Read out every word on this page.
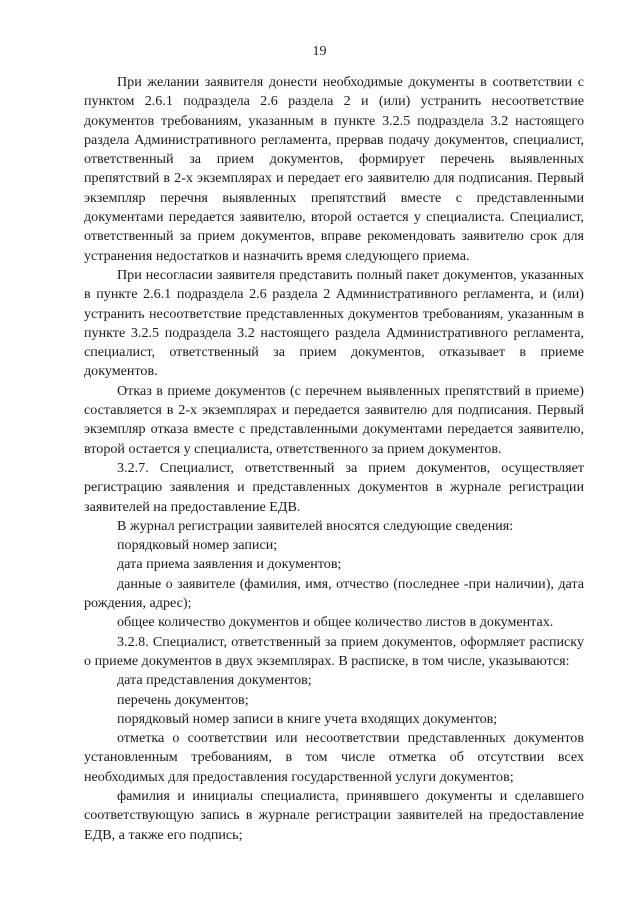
19

При желании заявителя донести необходимые документы в соответствии с пунктом 2.6.1 подраздела 2.6 раздела 2 и (или) устранить несоответствие документов требованиям, указанным в пункте 3.2.5 подраздела 3.2 настоящего раздела Административного регламента, прервав подачу документов, специалист, ответственный за прием документов, формирует перечень выявленных препятствий в 2-х экземплярах и передает его заявителю для подписания. Первый экземпляр перечня выявленных препятствий вместе с представленными документами передается заявителю, второй остается у специалиста. Специалист, ответственный за прием документов, вправе рекомендовать заявителю срок для устранения недостатков и назначить время следующего приема.

При несогласии заявителя представить полный пакет документов, указанных в пункте 2.6.1 подраздела 2.6 раздела 2 Административного регламента, и (или) устранить несоответствие представленных документов требованиям, указанным в пункте 3.2.5 подраздела 3.2 настоящего раздела Административного регламента, специалист, ответственный за прием документов, отказывает в приеме документов.

Отказ в приеме документов (с перечнем выявленных препятствий в приеме) составляется в 2-х экземплярах и передается заявителю для подписания. Первый экземпляр отказа вместе с представленными документами передается заявителю, второй остается у специалиста, ответственного за прием документов.

3.2.7. Специалист, ответственный за прием документов, осуществляет регистрацию заявления и представленных документов в журнале регистрации заявителей на предоставление ЕДВ.

В журнал регистрации заявителей вносятся следующие сведения:

порядковый номер записи;

дата приема заявления и документов;

данные о заявителе (фамилия, имя, отчество (последнее -при наличии), дата рождения, адрес);

общее количество документов и общее количество листов в документах.

3.2.8. Специалист, ответственный за прием документов, оформляет расписку о приеме документов в двух экземплярах. В расписке, в том числе, указываются:

дата представления документов;

перечень документов;

порядковый номер записи в книге учета входящих документов;

отметка о соответствии или несоответствии представленных документов установленным требованиям, в том числе отметка об отсутствии всех необходимых для предоставления государственной услуги документов;

фамилия и инициалы специалиста, принявшего документы и сделавшего соответствующую запись в журнале регистрации заявителей на предоставление ЕДВ, а также его подпись;
